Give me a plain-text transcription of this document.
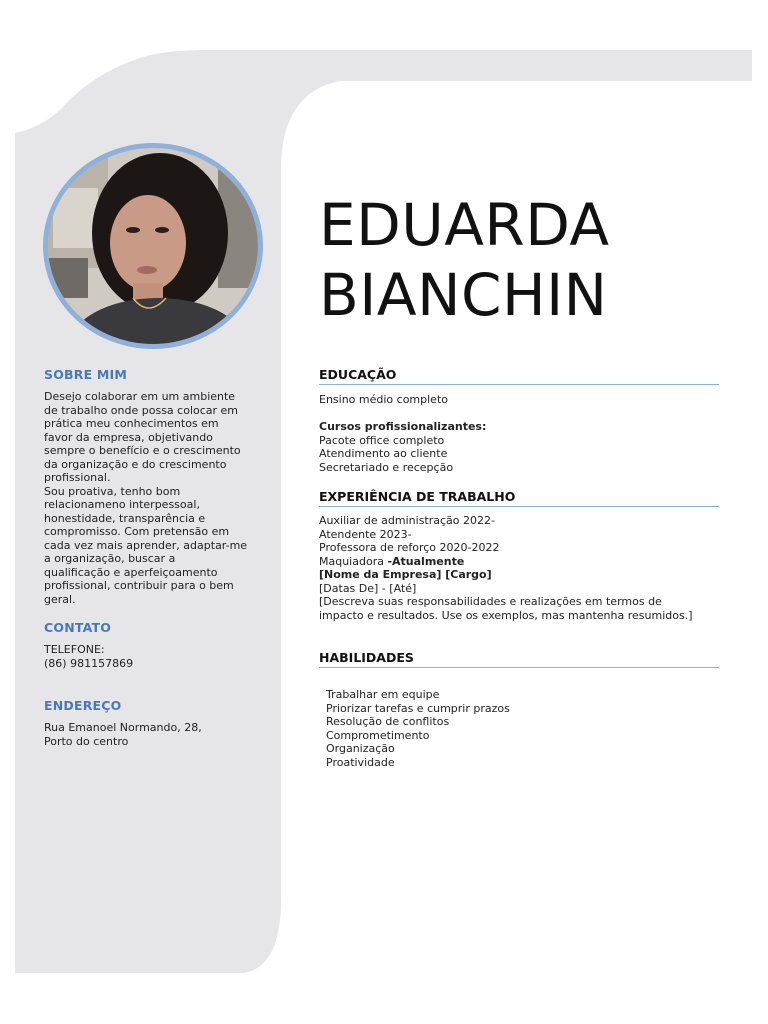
EDUARDA
BIANCHIN
SOBRE MIM
Desejo colaborar em um ambiente
de trabalho onde possa colocar em
prática meu conhecimentos em
favor da empresa, objetivando
sempre o benefício e o crescimento
da organização e do crescimento
profissional.
Sou proativa, tenho bom
relacionameno interpessoal,
honestidade, transparência e
compromisso. Com pretensão em
cada vez mais aprender, adaptar-me
a organização, buscar a
qualificação e aperfeiçoamento
profissional, contribuir para o bem
geral.
CONTATO
TELEFONE:
(86) 981157869
ENDEREÇO
Rua Emanoel Normando, 28,
Porto do centro
EDUCAÇÃO
Ensino médio completo
Cursos profissionalizantes:
Pacote office completo
Atendimento ao cliente
Secretariado e recepção
EXPERIÊNCIA DE TRABALHO
Auxiliar de administração 2022-
Atendente 2023-
Professora de reforço 2020-2022
Maquiadora -Atualmente
[Nome da Empresa] [Cargo]
[Datas De] - [Até]
[Descreva suas responsabilidades e realizações em termos de
impacto e resultados. Use os exemplos, mas mantenha resumidos.]
HABILIDADES
Trabalhar em equipe
Priorizar tarefas e cumprir prazos
Resolução de conflitos
Comprometimento
Organização
Proatividade
